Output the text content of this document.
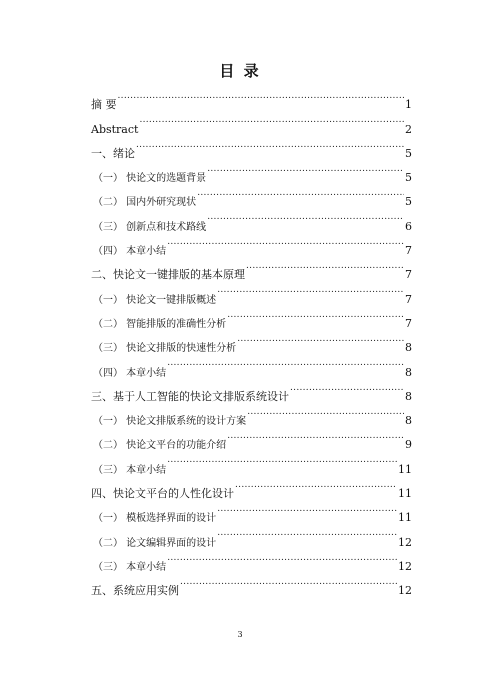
目 录
摘 要 .....	1
Abstract .....	2
一、绪论 .....	5
（一） 快论文的选题背景 .....	5
（二） 国内外研究现状 .....	5
（三） 创新点和技术路线 .....	6
（四） 本章小结 .....	7
二、快论文一键排版的基本原理 .....	7
（一） 快论文一键排版概述 .....	7
（二） 智能排版的准确性分析 .....	7
（三） 快论文排版的快速性分析 .....	8
（四） 本章小结 .....	8
三、基于人工智能的快论文排版系统设计 .....	8
（一） 快论文排版系统的设计方案 .....	8
（二） 快论文平台的功能介绍 .....	9
（三） 本章小结 .....	11
四、快论文平台的人性化设计 .....	11
（一） 模板选择界面的设计 .....	11
（二） 论文编辑界面的设计 .....	12
（三） 本章小结 .....	12
五、系统应用实例 .....	12
3
